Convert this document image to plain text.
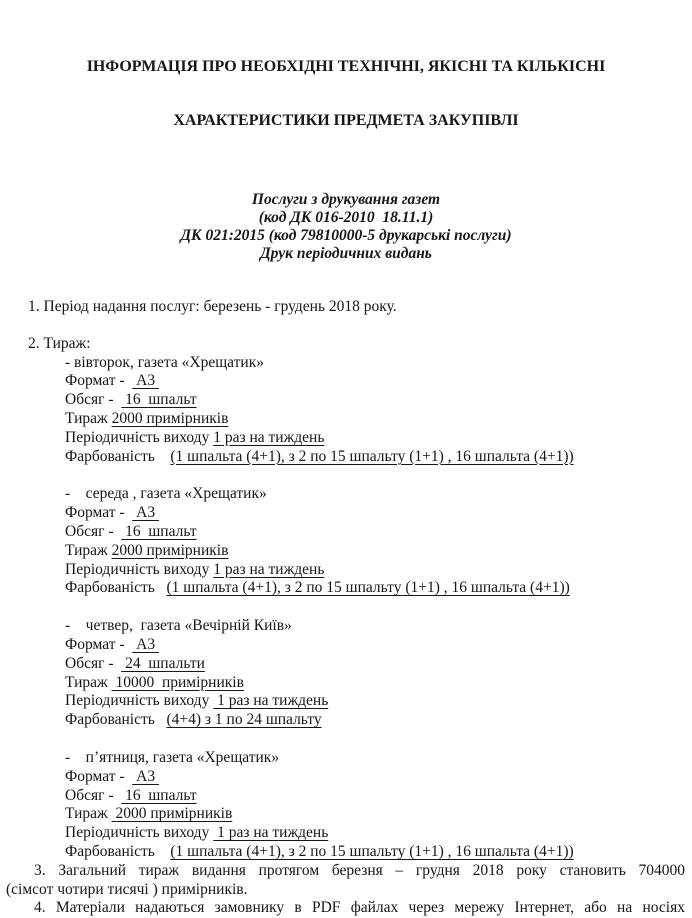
ІНФОРМАЦІЯ ПРО НЕОБХІДНІ ТЕХНІЧНІ, ЯКІСНІ ТА КІЛЬКІСНІ

ХАРАКТЕРИСТИКИ ПРЕДМЕТА ЗАКУПІВЛІ

Послуги з друкування газет
(код ДК 016-2010  18.11.1)
ДК 021:2015 (код 79810000-5 друкарські послуги)
Друк періодичних видань
1. Період надання послуг: березень - грудень 2018 року.
2. Тираж:
- вівторок, газета «Хрещатик»
Формат -   А3
Обсяг -   16  шпальт
Тираж 2000 примірників
Періодичність виходу 1 раз на тиждень
Фарбованість    (1 шпальта (4+1), з 2 по 15 шпальту (1+1) , 16 шпальта (4+1))
-    середа , газета «Хрещатик»
Формат -   А3
Обсяг -   16  шпальт
Тираж 2000 примірників
Періодичність виходу 1 раз на тиждень
Фарбованість   (1 шпальта (4+1), з 2 по 15 шпальту (1+1) , 16 шпальта (4+1))
-    четвер,  газета «Вечірній Київ»
Формат -   А3
Обсяг -   24  шпальти
Тираж  10000  примірників
Періодичність виходу  1 раз на тиждень
Фарбованість   (4+4) з 1 по 24 шпальту
-    п’ятниця, газета «Хрещатик»
Формат -   А3
Обсяг -   16  шпальт
Тираж  2000 примірників
Періодичність виходу  1 раз на тиждень
Фарбованість    (1 шпальта (4+1), з 2 по 15 шпальту (1+1) , 16 шпальта (4+1))
3. Загальний тираж видання протягом березня – грудня 2018 року становить 704000
(сімсот чотири тисячі ) примірників.
4. Матеріали надаються замовнику в PDF файлах через мережу Інтернет, або на носіях
